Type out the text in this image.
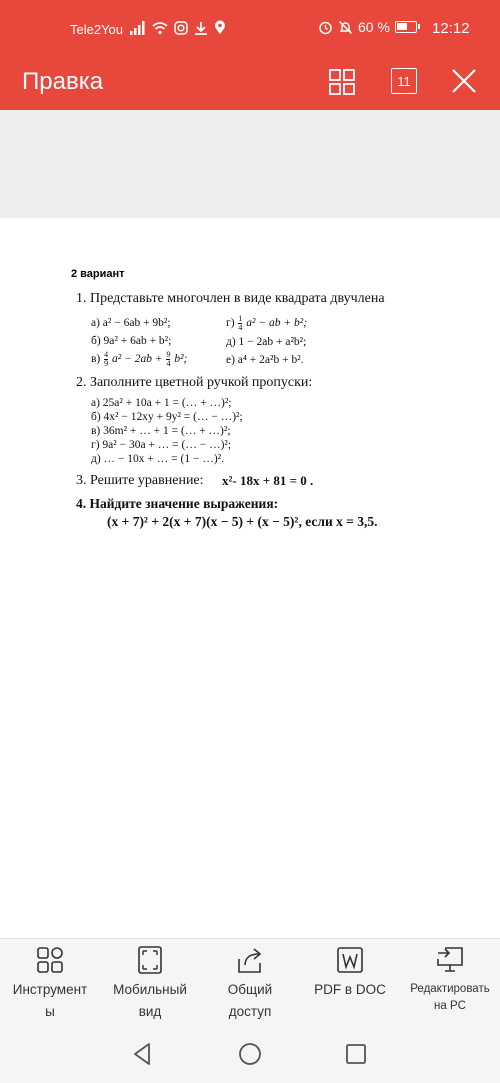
Tele2You	60 %	12:12
Правка	11
2 вариант
1. Представьте многочлен в виде квадрата двучлена
а) a² − 6ab + 9b²;
б) 9a² + 6ab + b²;
$в) \frac{4}{9} a^2 - 2ab + \frac{9}{4} b^2$;
$г) \frac{1}{4} a^2$ − ab + b²;
д) 1 − 2ab + a²b²;
е) a⁴ + 2a²b + b².
2. Заполните цветной ручкой пропуски:
а) 25a² + 10a + 1 = (… + …)²;
б) 4x² − 12xy + 9y² = (… − …)²;
в) 36m² + … + 1 = (… + …)²;
г) 9a² − 30a + … = (… − …)²;
д) … − 10x + … = (1 − …)².
3. Решите уравнение: x²- 18x + 81 = 0 .
4. Найдите значение выражения:
(x + 7)² + 2(x + 7)(x − 5) + (x − 5)², если x = 3,5.
Инструмент
ы
Мобильный
вид
Общий
доступ
PDF в DOC	Редактировать
на PC
